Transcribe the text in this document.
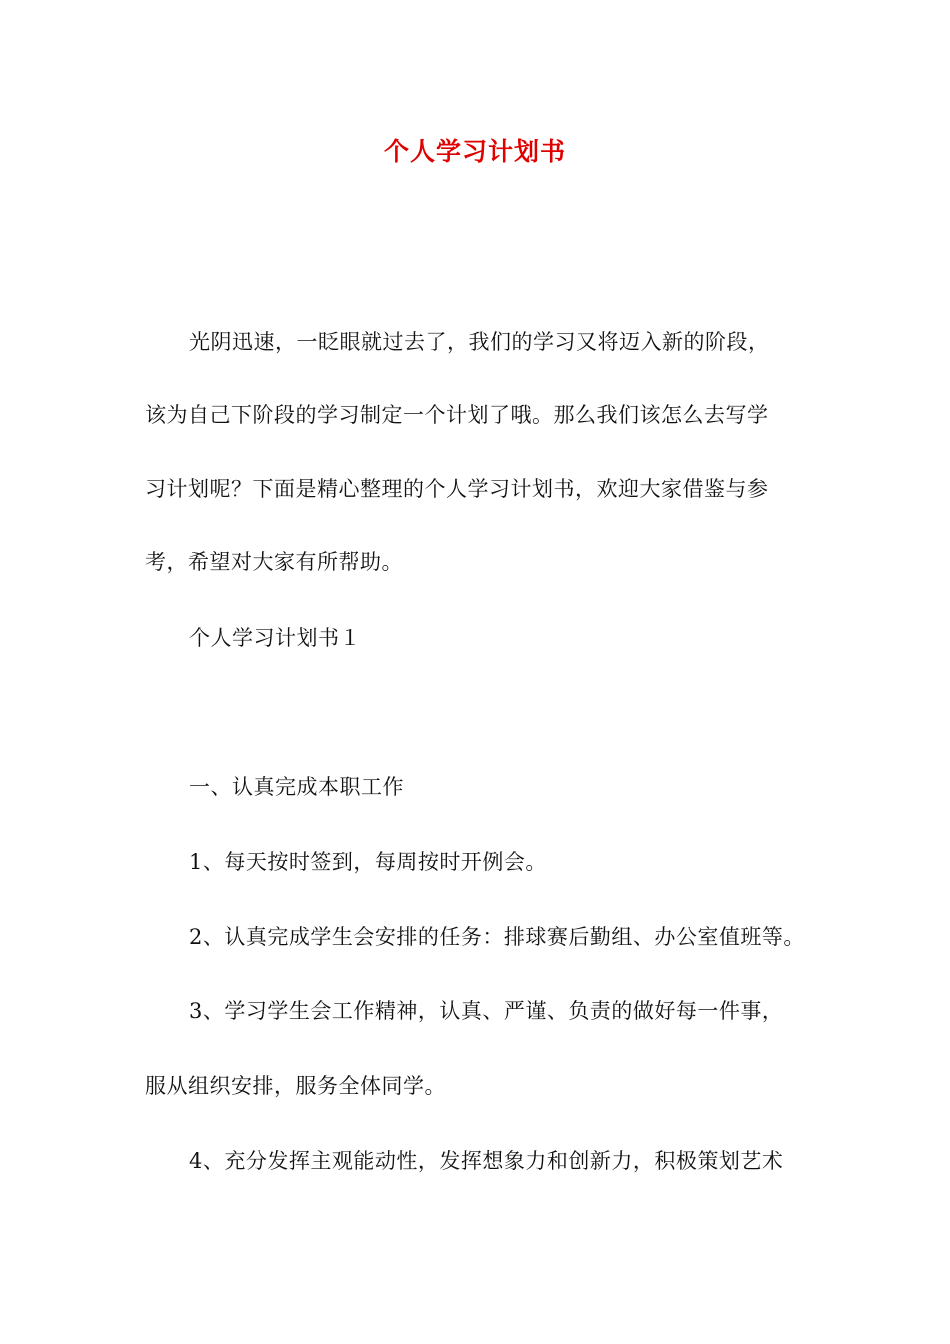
个人学习计划书
光阴迅速，一眨眼就过去了，我们的学习又将迈入新的阶段，
该为自己下阶段的学习制定一个计划了哦。那么我们该怎么去写学
习计划呢？下面是精心整理的个人学习计划书，欢迎大家借鉴与参
考，希望对大家有所帮助。
个人学习计划书１
一、认真完成本职工作
1、每天按时签到，每周按时开例会。
2、认真完成学生会安排的任务：排球赛后勤组、办公室值班等。
3、学习学生会工作精神，认真、严谨、负责的做好每一件事，
服从组织安排，服务全体同学。
4、充分发挥主观能动性，发挥想象力和创新力，积极策划艺术
